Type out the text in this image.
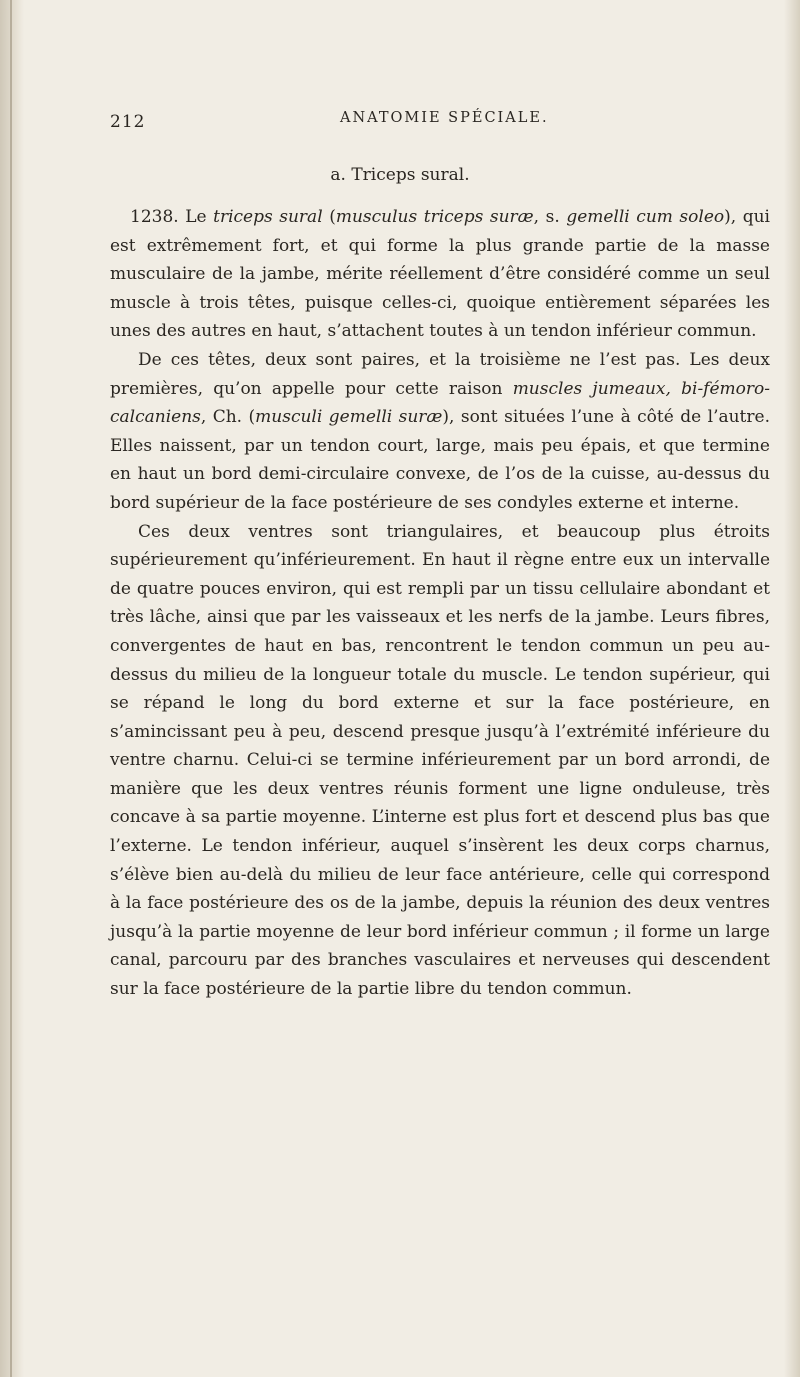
212	ANATOMIE SPÉCIALE.
a. Triceps sural.

1238. Le triceps sural (musculus triceps suræ, s. gemelli cum soleo), qui est extrêmement fort, et qui forme la plus grande partie de la masse musculaire de la jambe, mérite réellement d’être considéré comme un seul muscle à trois têtes, puisque celles-ci, quoique entièrement séparées les unes des autres en haut, s’attachent toutes à un tendon inférieur commun.

De ces têtes, deux sont paires, et la troisième ne l’est pas. Les deux premières, qu’on appelle pour cette raison muscles jumeaux, bi-fémoro-calcaniens, Ch. (musculi gemelli suræ), sont situées l’une à côté de l’autre. Elles naissent, par un tendon court, large, mais peu épais, et que termine en haut un bord demi-circulaire convexe, de l’os de la cuisse, au-dessus du bord supérieur de la face postérieure de ses condyles externe et interne.

Ces deux ventres sont triangulaires, et beaucoup plus étroits supérieurement qu’inférieurement. En haut il règne entre eux un intervalle de quatre pouces environ, qui est rempli par un tissu cellulaire abondant et très lâche, ainsi que par les vaisseaux et les nerfs de la jambe. Leurs fibres, convergentes de haut en bas, rencontrent le tendon commun un peu au-dessus du milieu de la longueur totale du muscle. Le tendon supérieur, qui se répand le long du bord externe et sur la face postérieure, en s’amincissant peu à peu, descend presque jusqu’à l’extrémité inférieure du ventre charnu. Celui-ci se termine inférieurement par un bord arrondi, de manière que les deux ventres réunis forment une ligne onduleuse, très concave à sa partie moyenne. L’interne est plus fort et descend plus bas que l’externe. Le tendon inférieur, auquel s’insèrent les deux corps charnus, s’élève bien au-delà du milieu de leur face antérieure, celle qui correspond à la face postérieure des os de la jambe, depuis la réunion des deux ventres jusqu’à la partie moyenne de leur bord inférieur commun ; il forme un large canal, parcouru par des branches vasculaires et nerveuses qui descendent sur la face postérieure de la partie libre du tendon commun.
